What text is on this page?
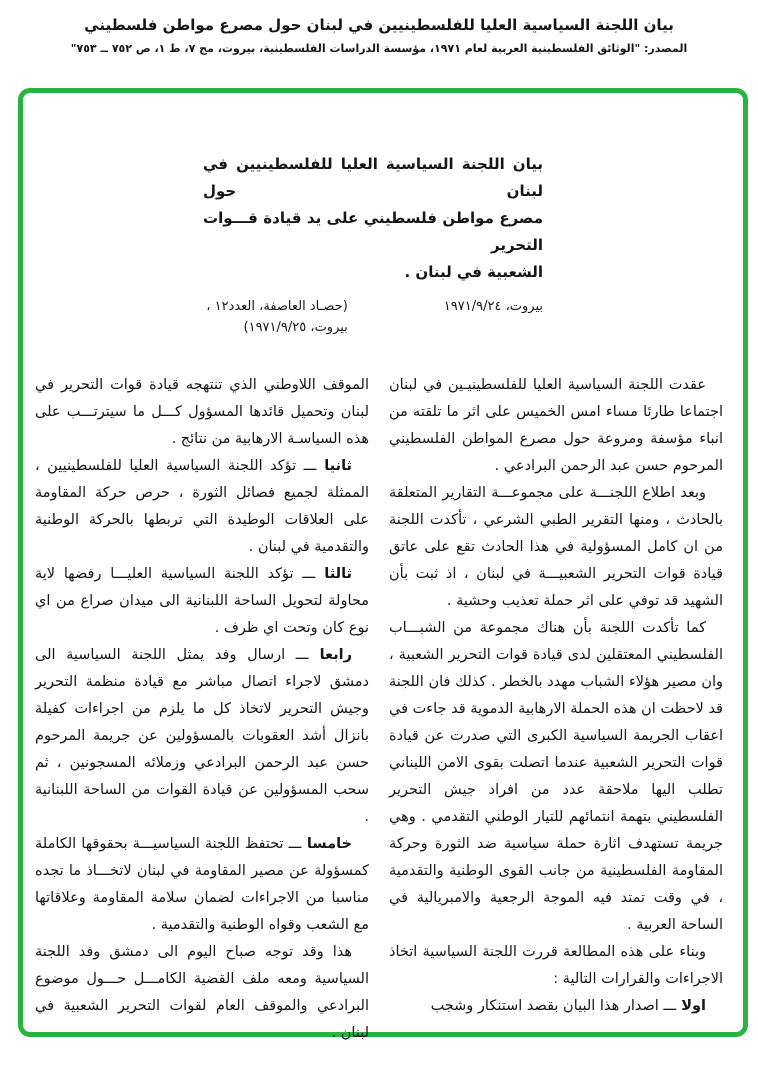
بيان اللجنة السياسية العليا للفلسطينيين في لبنان حول مصرع مواطن فلسطيني
المصدر: "الوثائق الفلسطينية العربية لعام ١٩٧١، مؤسسة الدراسات الفلسطينية، بيروت، مج ٧، ط ١، ص ٧٥٢ ــ ٧٥٣"
بيان اللجنة السياسية العليا للفلسطينيين في لبنان حول
مصرع مواطن فلسطيني على يد قيادة قـــوات التحرير
الشعبية في لبنان .
بيروت، ١٩٧١/٩/٢٤
(حصـاد العاصفة، العدد١٢ ،
بيروت، ١٩٧١/٩/٢٥)

عقدت اللجنة السياسية العليا للفلسطينيـين في لبنان اجتماعا طارئا مساء امس الخميس على اثر ما تلقته من انباء مؤسفة ومروعة حول مصرع المواطن الفلسطيني المرحوم حسن عبد الرحمن البرادعي .

وبعد اطلاع اللجنـــة على مجموعـــة التقارير المتعلقة بالحادث ، ومنها التقرير الطبي الشرعي ، تأكدت اللجنة من ان كامل المسؤولية في هذا الحادث تقع على عاتق قيادة قوات التحرير الشعبيـــة في لبنان ، اذ ثبت بأن الشهيد قد توفي على اثر حملة تعذيب وحشية .

كما تأكدت اللجنة بأن هناك مجموعة من الشبـــاب الفلسطيني المعتقلين لدى قيادة قوات التحرير الشعبية ، وان مصير هؤلاء الشباب مهدد بالخطر . كذلك فان اللجنة قد لاحظت ان هذه الحملة الارهابية الدموية قد جاءت في اعقاب الجريمة السياسية الكبرى التي صدرت عن قيادة قوات التحرير الشعبية عندما اتصلت بقوى الامن اللبناني تطلب اليها ملاحقة عدد من افراد جيش التحرير الفلسطيني بتهمة انتمائهم للتيار الوطني التقدمي . وهي جريمة تستهدف اثارة حملة سياسية ضد الثورة وحركة المقاومة الفلسطينية من جانب القوى الوطنية والتقدمية ، في وقت تمتد فيه الموجة الرجعية والامبريالية في الساحة العربية .

وبناء على هذه المطالعة قررت اللجنة السياسية اتخاذ الاجراءات والقرارات التالية :

اولا ـــ اصدار هذا البيان بقصد استنكار وشجب

الموقف اللاوطني الذي تنتهجه قيادة قوات التحرير في لبنان وتحميل قائدها المسؤول كـــل ما سيترتـــب على هذه السياسـة الارهابية من نتائج .

ثانيا ـــ تؤكد اللجنة السياسية العليا للفلسطينيين ، الممثلة لجميع فصائل الثورة ، حرص حركة المقاومة على العلاقات الوطيدة التي تربطها بالحركة الوطنية والتقدمية في لبنان .

ثالثا ـــ تؤكد اللجنة السياسية العليـــا رفضها لاية محاولة لتحويل الساحة اللبنانية الى ميدان صراع من اي نوع كان وتحت اي ظرف .

رابعا ـــ ارسال وفد يمثل اللجنة السياسية الى دمشق لاجراء اتصال مباشر مع قيادة منظمة التحرير وجيش التحرير لاتخاذ كل ما يلزم من اجراءات كفيلة بانزال أشد العقوبات بالمسؤولين عن جريمة المرحوم حسن عبد الرحمن البرادعي وزملائه المسجونين ، ثم سحب المسؤولين عن قيادة القوات من الساحة اللبنانية .

خامسا ـــ تحتفظ اللجنة السياسيـــة بحقوقها الكاملة كمسؤولة عن مصير المقاومة في لبنان لاتخـــاذ ما تجده مناسبا من الاجراءات لضمان سلامة المقاومة وعلاقاتها مع الشعب وقواه الوطنية والتقدمية .

هذا وقد توجه صباح اليوم الى دمشق وفد اللجنة السياسية ومعه ملف القضية الكامـــل حـــول موضوع البرادعي والموقف العام لقوات التحرير الشعبية في لبنان .
